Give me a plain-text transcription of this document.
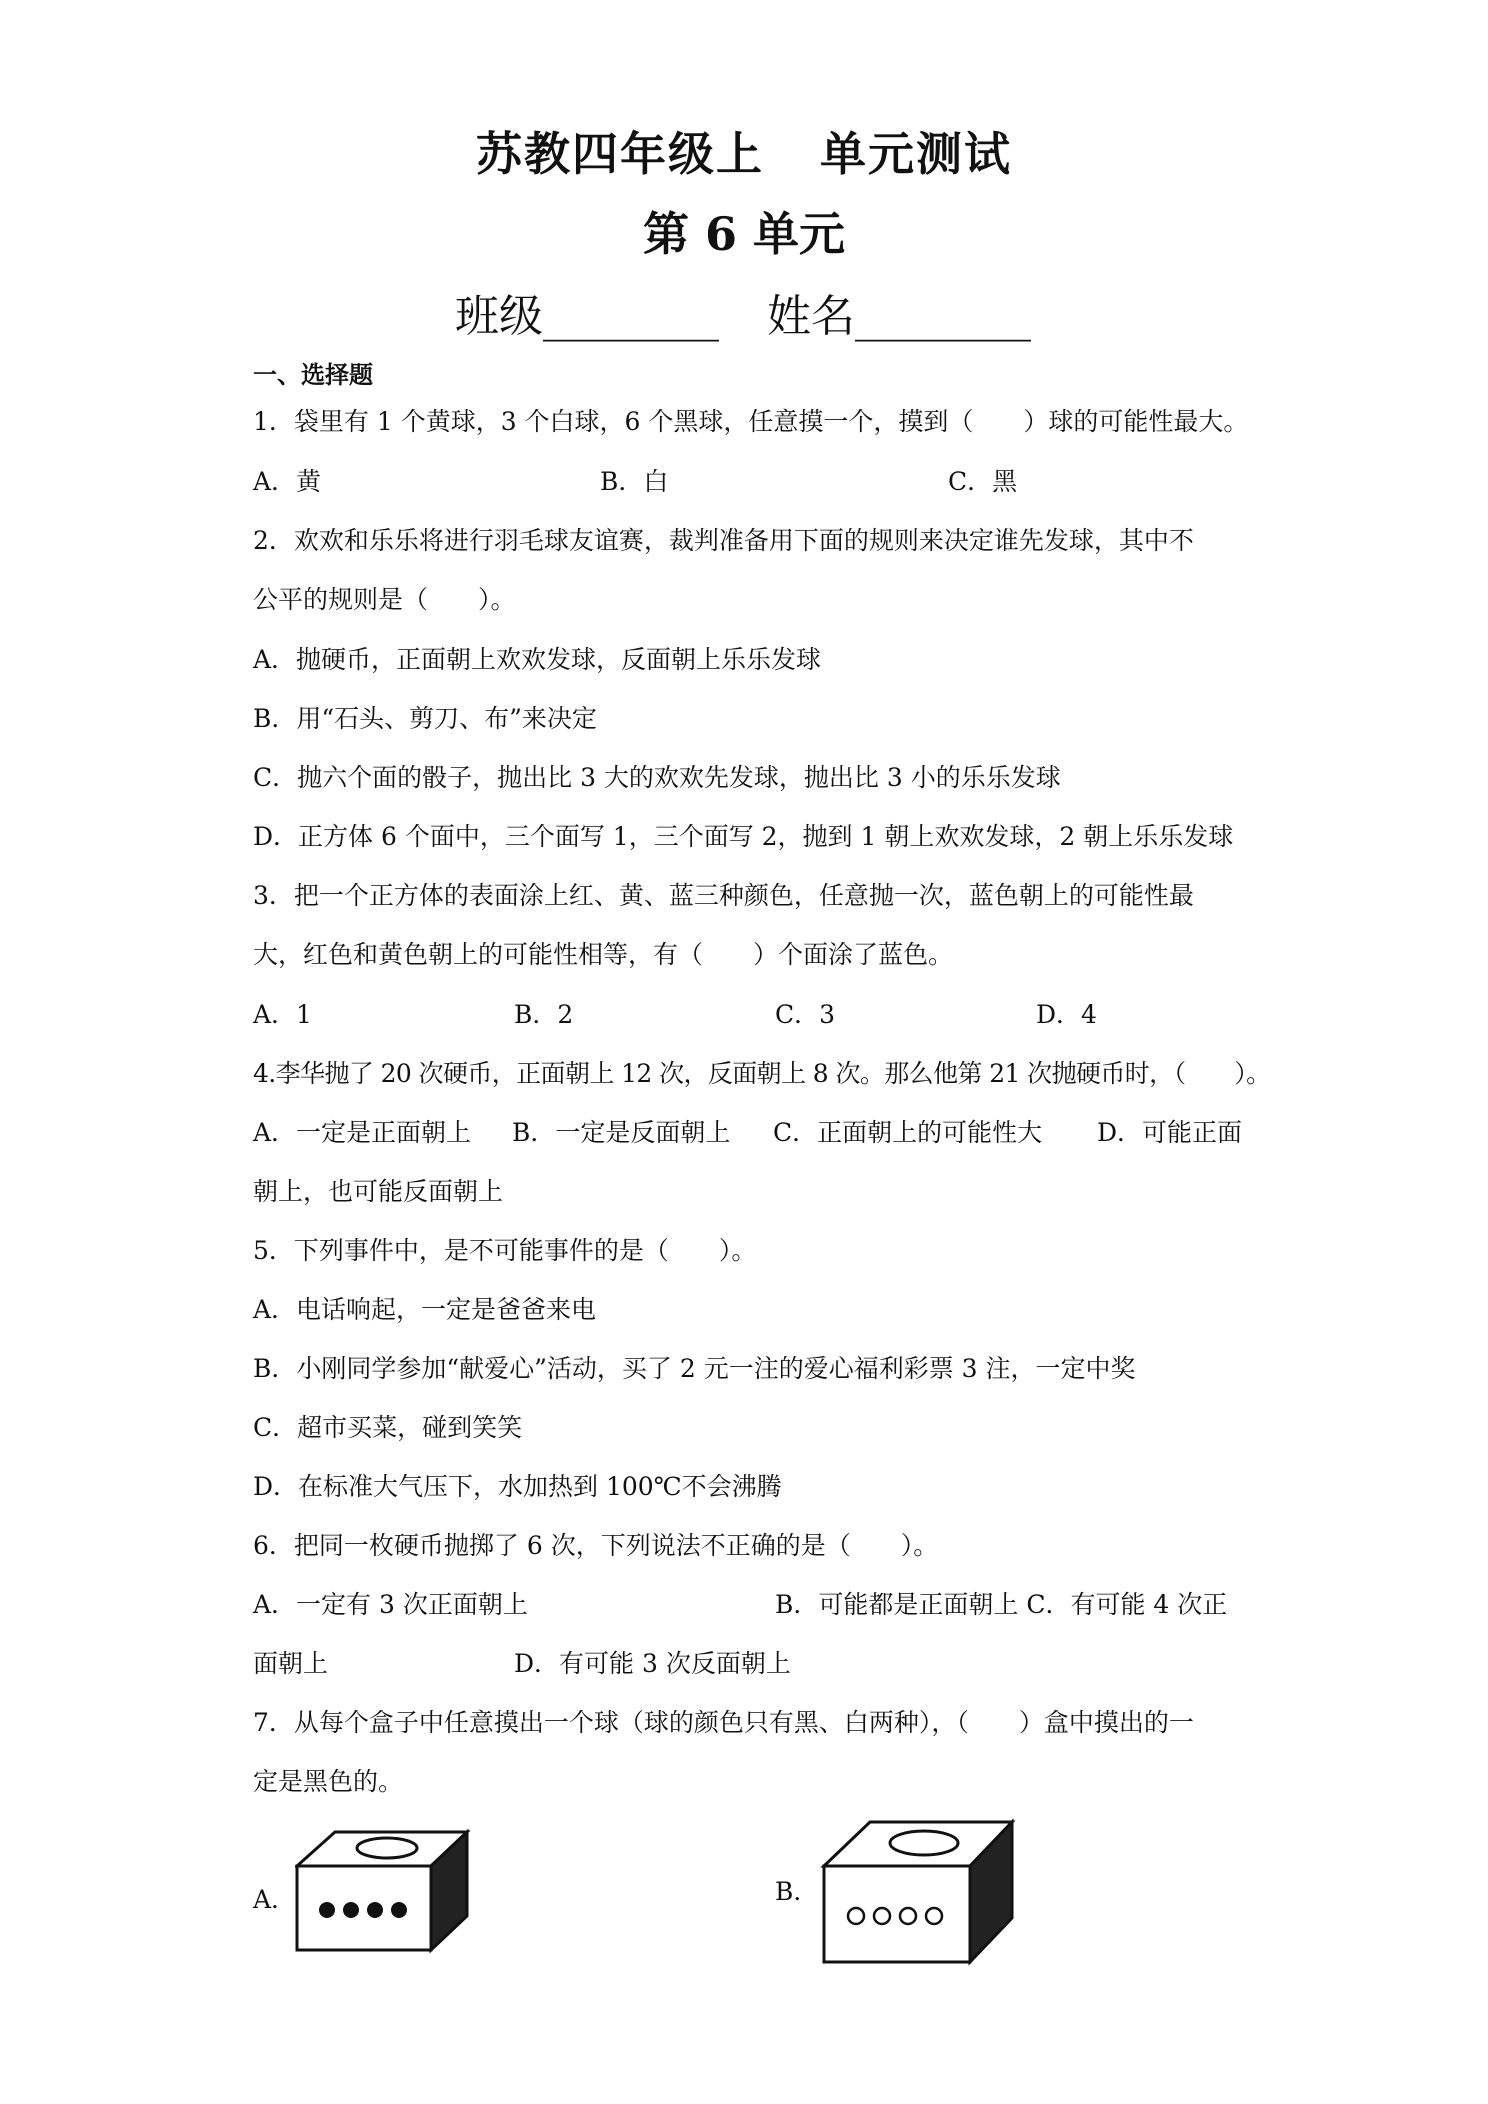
苏教四年级上 单元测试
第 6 单元
班级________ 姓名________
一、选择题
1．袋里有 1 个黄球，3 个白球，6 个黑球，任意摸一个，摸到（　　）球的可能性最大。
A．黄	B．白	C．黑
2．欢欢和乐乐将进行羽毛球友谊赛，裁判准备用下面的规则来决定谁先发球，其中不
公平的规则是（　　）。
A．抛硬币，正面朝上欢欢发球，反面朝上乐乐发球
B．用“石头、剪刀、布”来决定
C．抛六个面的骰子，抛出比 3 大的欢欢先发球，抛出比 3 小的乐乐发球
D．正方体 6 个面中，三个面写 1，三个面写 2，抛到 1 朝上欢欢发球，2 朝上乐乐发球
3．把一个正方体的表面涂上红、黄、蓝三种颜色，任意抛一次，蓝色朝上的可能性最
大，红色和黄色朝上的可能性相等，有（　　）个面涂了蓝色。
A．1	B．2	C．3	D．4
4.李华抛了 20 次硬币，正面朝上 12 次，反面朝上 8 次。那么他第 21 次抛硬币时，（　　）。
A．一定是正面朝上 B．一定是反面朝上 C．正面朝上的可能性大 D．可能正面
朝上，也可能反面朝上
5．下列事件中，是不可能事件的是（　　）。
A．电话响起，一定是爸爸来电
B．小刚同学参加“献爱心”活动，买了 2 元一注的爱心福利彩票 3 注，一定中奖
C．超市买菜，碰到笑笑
D．在标准大气压下，水加热到 100℃不会沸腾
6．把同一枚硬币抛掷了 6 次，下列说法不正确的是（　　）。
A．一定有 3 次正面朝上	B．可能都是正面朝上 C．有可能 4 次正
面朝上	D．有可能 3 次反面朝上
7．从每个盒子中任意摸出一个球（球的颜色只有黑、白两种），（　　）盒中摸出的一
定是黑色的。
A．	B．
